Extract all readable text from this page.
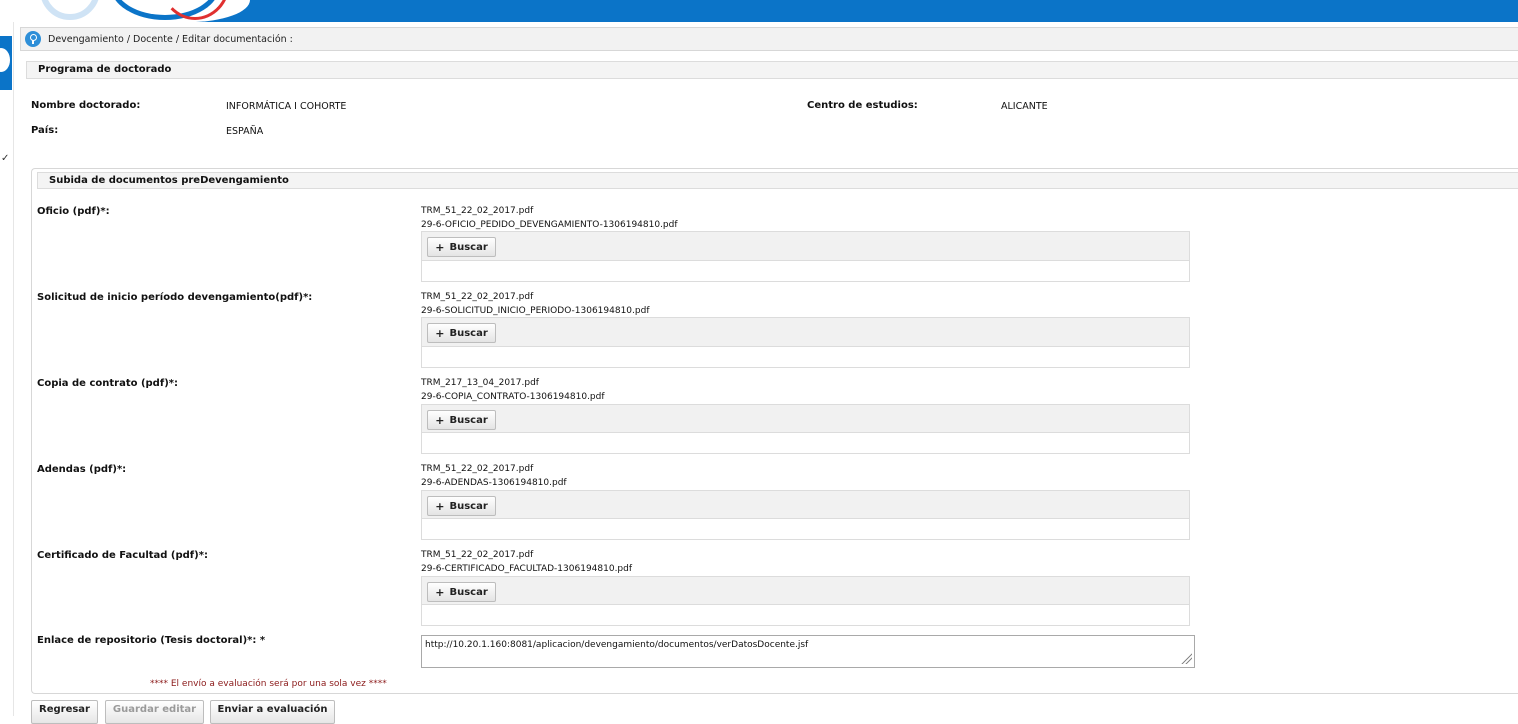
✓
Devengamiento / Docente / Editar documentación :
Programa de doctorado
Nombre doctorado:	INFORMÁTICA I COHORTE	Centro de estudios:	ALICANTE
País:	ESPAÑA
Subida de documentos preDevengamiento
Oficio (pdf)*:	TRM_51_22_02_2017.pdf
29-6-OFICIO_PEDIDO_DEVENGAMIENTO-1306194810.pdf
+ Buscar
Solicitud de inicio período devengamiento(pdf)*:	TRM_51_22_02_2017.pdf
29-6-SOLICITUD_INICIO_PERIODO-1306194810.pdf
+ Buscar
Copia de contrato (pdf)*:	TRM_217_13_04_2017.pdf
29-6-COPIA_CONTRATO-1306194810.pdf
+ Buscar
Adendas (pdf)*:	TRM_51_22_02_2017.pdf
29-6-ADENDAS-1306194810.pdf
+ Buscar
Certificado de Facultad (pdf)*:	TRM_51_22_02_2017.pdf
29-6-CERTIFICADO_FACULTAD-1306194810.pdf
+ Buscar
Enlace de repositorio (Tesis doctoral)*: *
http://10.20.1.160:8081/aplicacion/devengamiento/documentos/verDatosDocente.jsf
**** El envío a evaluación será por una sola vez ****
Regresar	Guardar editar	Enviar a evaluación
